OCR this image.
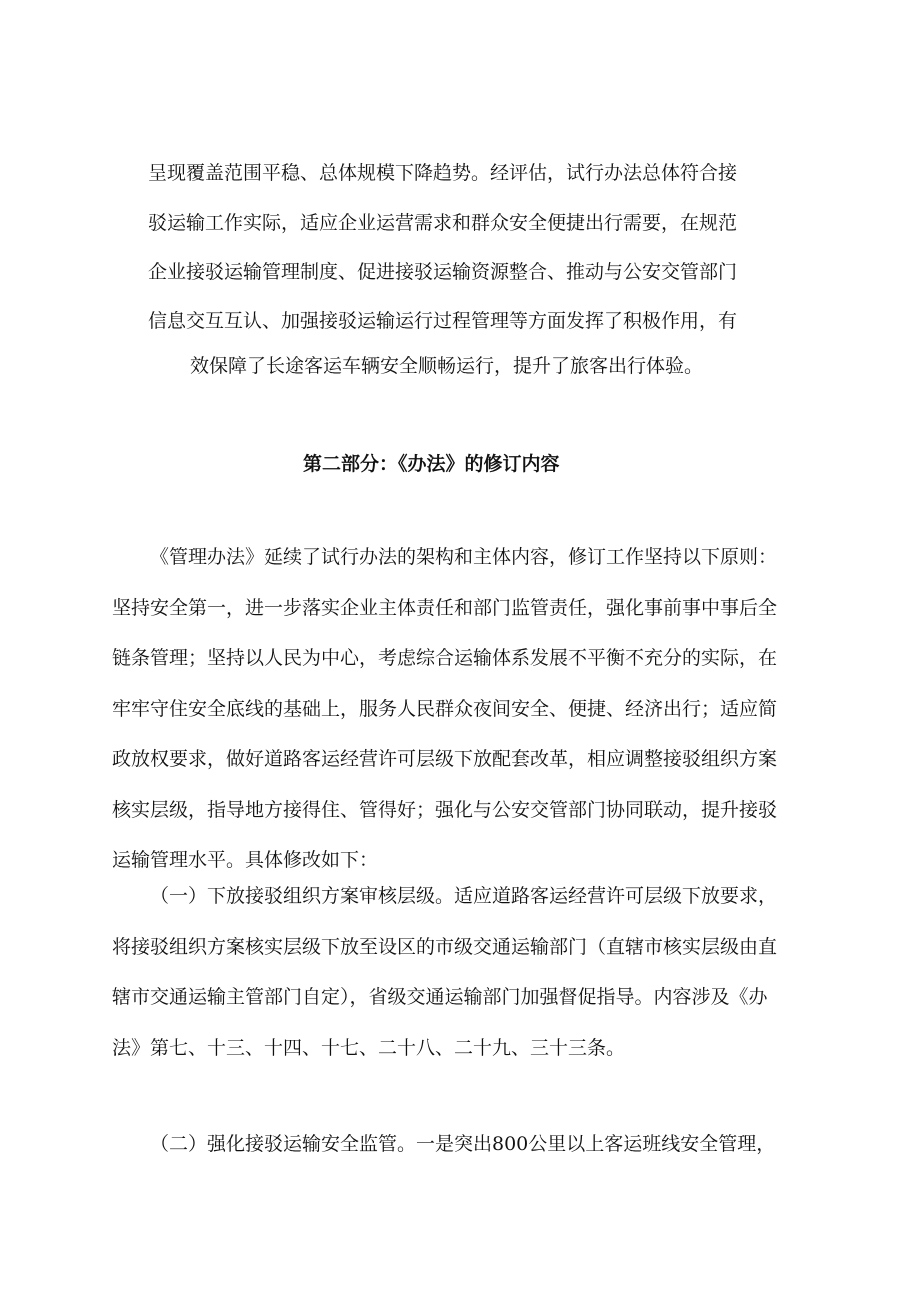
呈现覆盖范围平稳、总体规模下降趋势。经评估，试行办法总体符合接
驳运输工作实际，适应企业运营需求和群众安全便捷出行需要，在规范
企业接驳运输管理制度、促进接驳运输资源整合、推动与公安交管部门
信息交互互认、加强接驳运输运行过程管理等方面发挥了积极作用，有
效保障了长途客运车辆安全顺畅运行，提升了旅客出行体验。
第二部分：《办法》的修订内容
《管理办法》延续了试行办法的架构和主体内容，修订工作坚持以下原则：
坚持安全第一，进一步落实企业主体责任和部门监管责任，强化事前事中事后全
链条管理；坚持以人民为中心，考虑综合运输体系发展不平衡不充分的实际，在
牢牢守住安全底线的基础上，服务人民群众夜间安全、便捷、经济出行；适应简
政放权要求，做好道路客运经营许可层级下放配套改革，相应调整接驳组织方案
核实层级，指导地方接得住、管得好；强化与公安交管部门协同联动，提升接驳
运输管理水平。具体修改如下：
（一）下放接驳组织方案审核层级。适应道路客运经营许可层级下放要求，
将接驳组织方案核实层级下放至设区的市级交通运输部门（直辖市核实层级由直
辖市交通运输主管部门自定），省级交通运输部门加强督促指导。内容涉及《办
法》第七、十三、十四、十七、二十八、二十九、三十三条。
（二）强化接驳运输安全监管。一是突出800公里以上客运班线安全管理，
